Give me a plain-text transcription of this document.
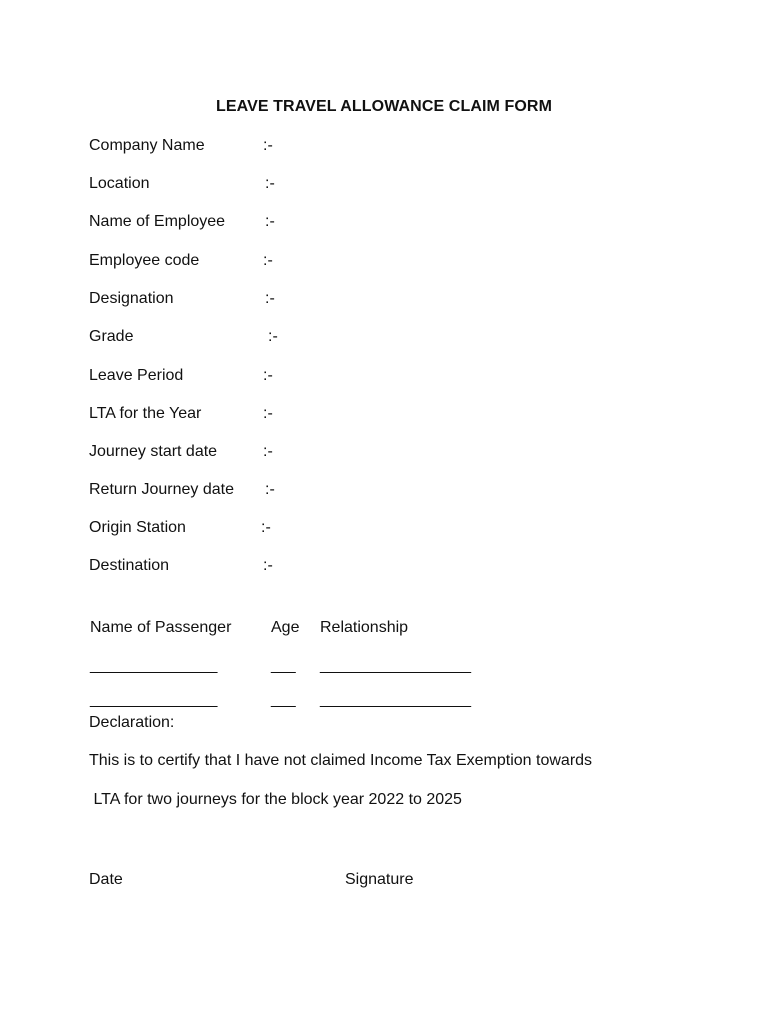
LEAVE TRAVEL ALLOWANCE CLAIM FORM
Company Name	:-
Location	:-
Name of Employee :-
Employee code	:-
Designation	:-
Grade	:-
Leave Period	:-
LTA for the Year	:-
Journey start date	:-
Return Journey date :-
Origin Station	:-
Destination	:-
Name of Passenger Age Relationship
________________	___ ___________________
________________	___ ___________________
Declaration:
This is to certify that I have not claimed Income Tax Exemption towards
LTA for two journeys for the block year 2022 to 2025
Date	Signature
